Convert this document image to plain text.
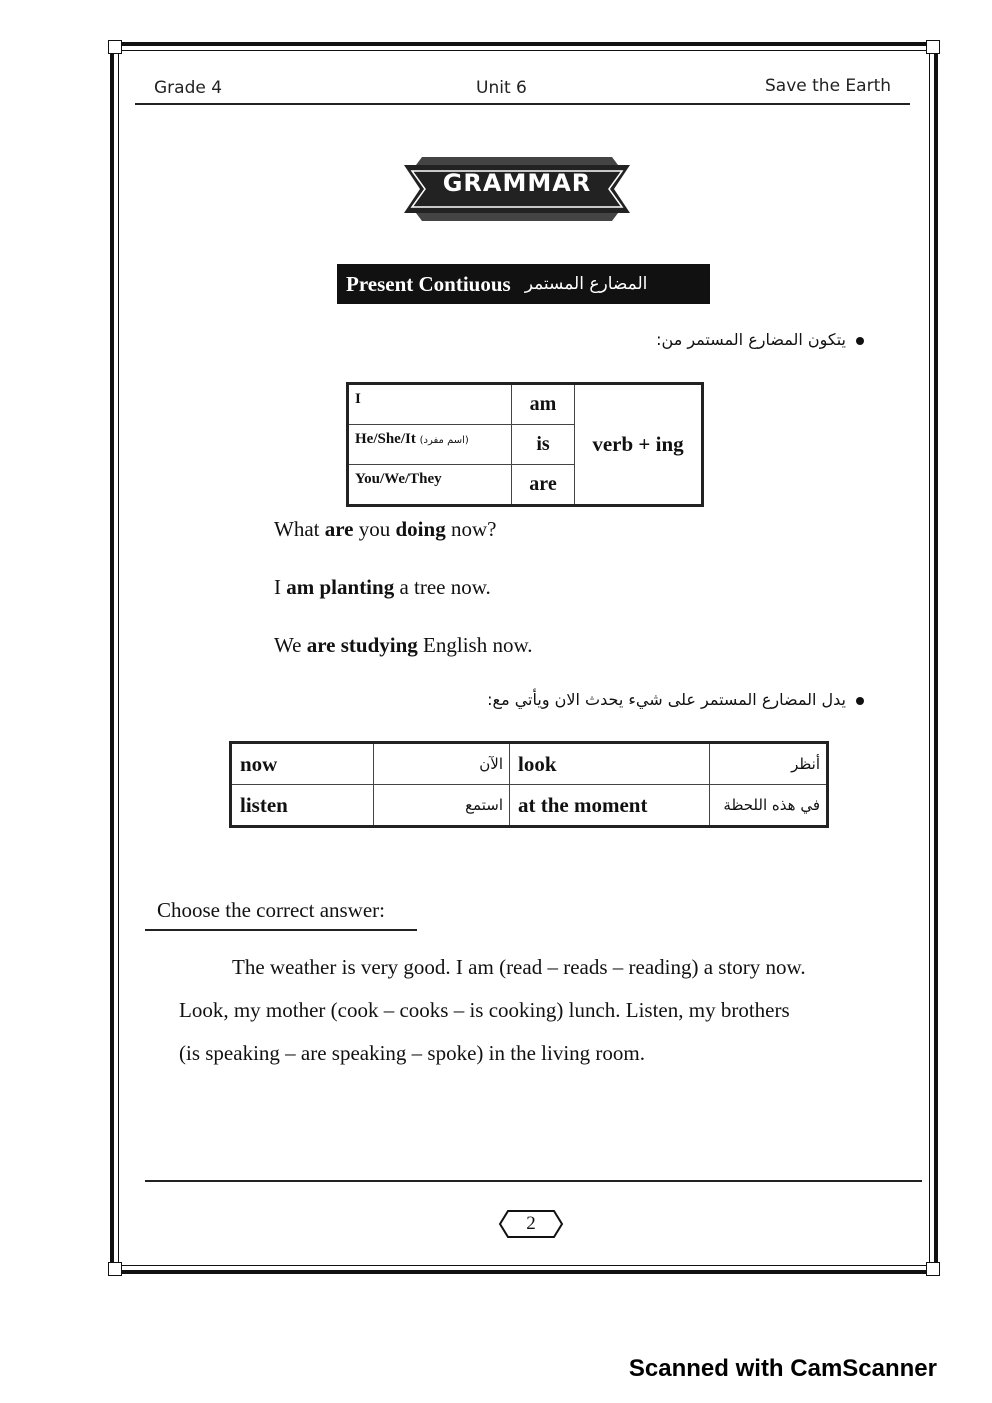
Grade 4	Unit 6	Save the Earth
GRAMMAR
Present Contiuous المضارع المستمر
يتكون المضارع المستمر من:
I	am	verb + ing
He/She/It (اسم مفرد)	is	
You/We/They	are	
What are you doing now?
I am planting a tree now.
We are studying English now.
يدل المضارع المستمر على شيء يحدث الان ويأتي مع:
now	الآن	look	أنظر
listen	استمع	at the moment	في هذه اللحظة
Choose the correct answer:
The weather is very good. I am (read – reads – reading) a story now.
Look, my mother (cook – cooks – is cooking) lunch. Listen, my brothers
(is speaking – are speaking – spoke) in the living room.
2
Scanned with CamScanner
